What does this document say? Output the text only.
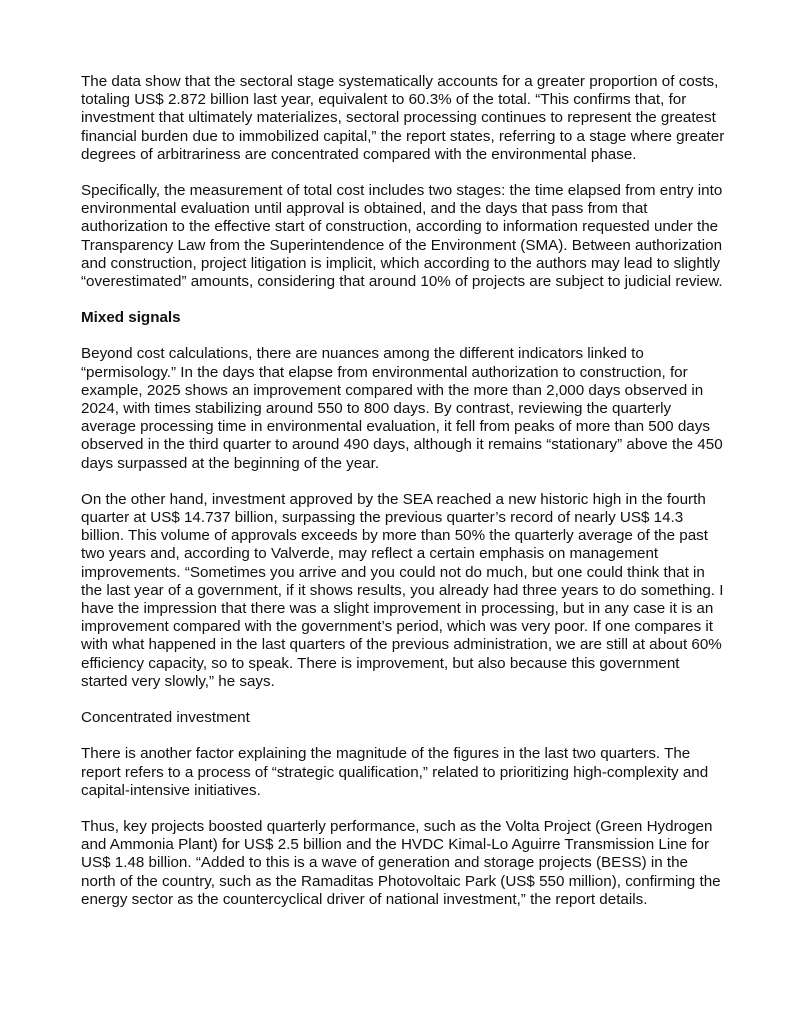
The data show that the sectoral stage systematically accounts for a greater proportion of costs, totaling US$ 2.872 billion last year, equivalent to 60.3% of the total. “This confirms that, for investment that ultimately materializes, sectoral processing continues to represent the greatest financial burden due to immobilized capital,” the report states, referring to a stage where greater degrees of arbitrariness are concentrated compared with the environmental phase.

Specifically, the measurement of total cost includes two stages: the time elapsed from entry into environmental evaluation until approval is obtained, and the days that pass from that authorization to the effective start of construction, according to information requested under the Transparency Law from the Superintendence of the Environment (SMA). Between authorization and construction, project litigation is implicit, which according to the authors may lead to slightly “overestimated” amounts, considering that around 10% of projects are subject to judicial review.

Mixed signals

Beyond cost calculations, there are nuances among the different indicators linked to “permisology.” In the days that elapse from environmental authorization to construction, for example, 2025 shows an improvement compared with the more than 2,000 days observed in 2024, with times stabilizing around 550 to 800 days. By contrast, reviewing the quarterly average processing time in environmental evaluation, it fell from peaks of more than 500 days observed in the third quarter to around 490 days, although it remains “stationary” above the 450 days surpassed at the beginning of the year.

On the other hand, investment approved by the SEA reached a new historic high in the fourth quarter at US$ 14.737 billion, surpassing the previous quarter’s record of nearly US$ 14.3 billion. This volume of approvals exceeds by more than 50% the quarterly average of the past two years and, according to Valverde, may reflect a certain emphasis on management improvements. “Sometimes you arrive and you could not do much, but one could think that in the last year of a government, if it shows results, you already had three years to do something. I have the impression that there was a slight improvement in processing, but in any case it is an improvement compared with the government’s period, which was very poor. If one compares it with what happened in the last quarters of the previous administration, we are still at about 60% efficiency capacity, so to speak. There is improvement, but also because this government started very slowly,” he says.

Concentrated investment

There is another factor explaining the magnitude of the figures in the last two quarters. The report refers to a process of “strategic qualification,” related to prioritizing high-complexity and capital-intensive initiatives.

Thus, key projects boosted quarterly performance, such as the Volta Project (Green Hydrogen and Ammonia Plant) for US$ 2.5 billion and the HVDC Kimal-Lo Aguirre Transmission Line for US$ 1.48 billion. “Added to this is a wave of generation and storage projects (BESS) in the north of the country, such as the Ramaditas Photovoltaic Park (US$ 550 million), confirming the energy sector as the countercyclical driver of national investment,” the report details.
